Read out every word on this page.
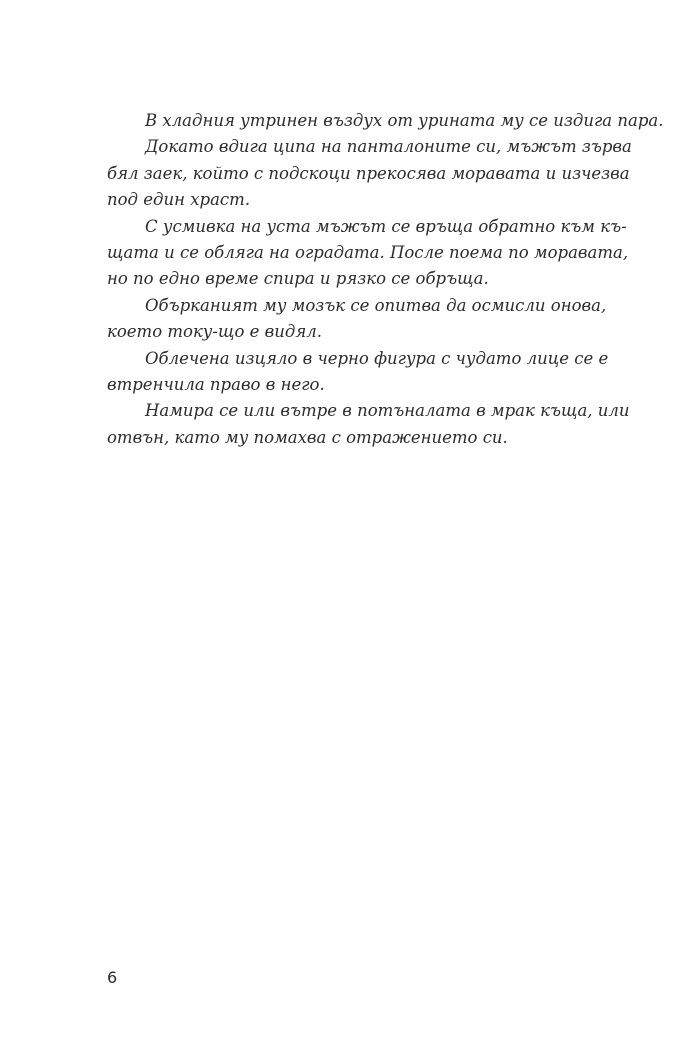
В хладния утринен въздух от урината му се издига пара.
Докато вдига ципа на панталоните си, мъжът зърва
бял заек, който с подскоци прекосява моравата и изчезва
под един храст.
С усмивка на уста мъжът се връща обратно към къ-
щата и се обляга на оградата. После поема по моравата,
но по едно време спира и рязко се обръща.
Обърканият му мозък се опитва да осмисли онова,
което току-що е видял.
Облечена изцяло в черно фигура с чудато лице се е
втренчила право в него.
Намира се или вътре в потъналата в мрак къща, или
отвън, като му помахва с отражението си.
6
